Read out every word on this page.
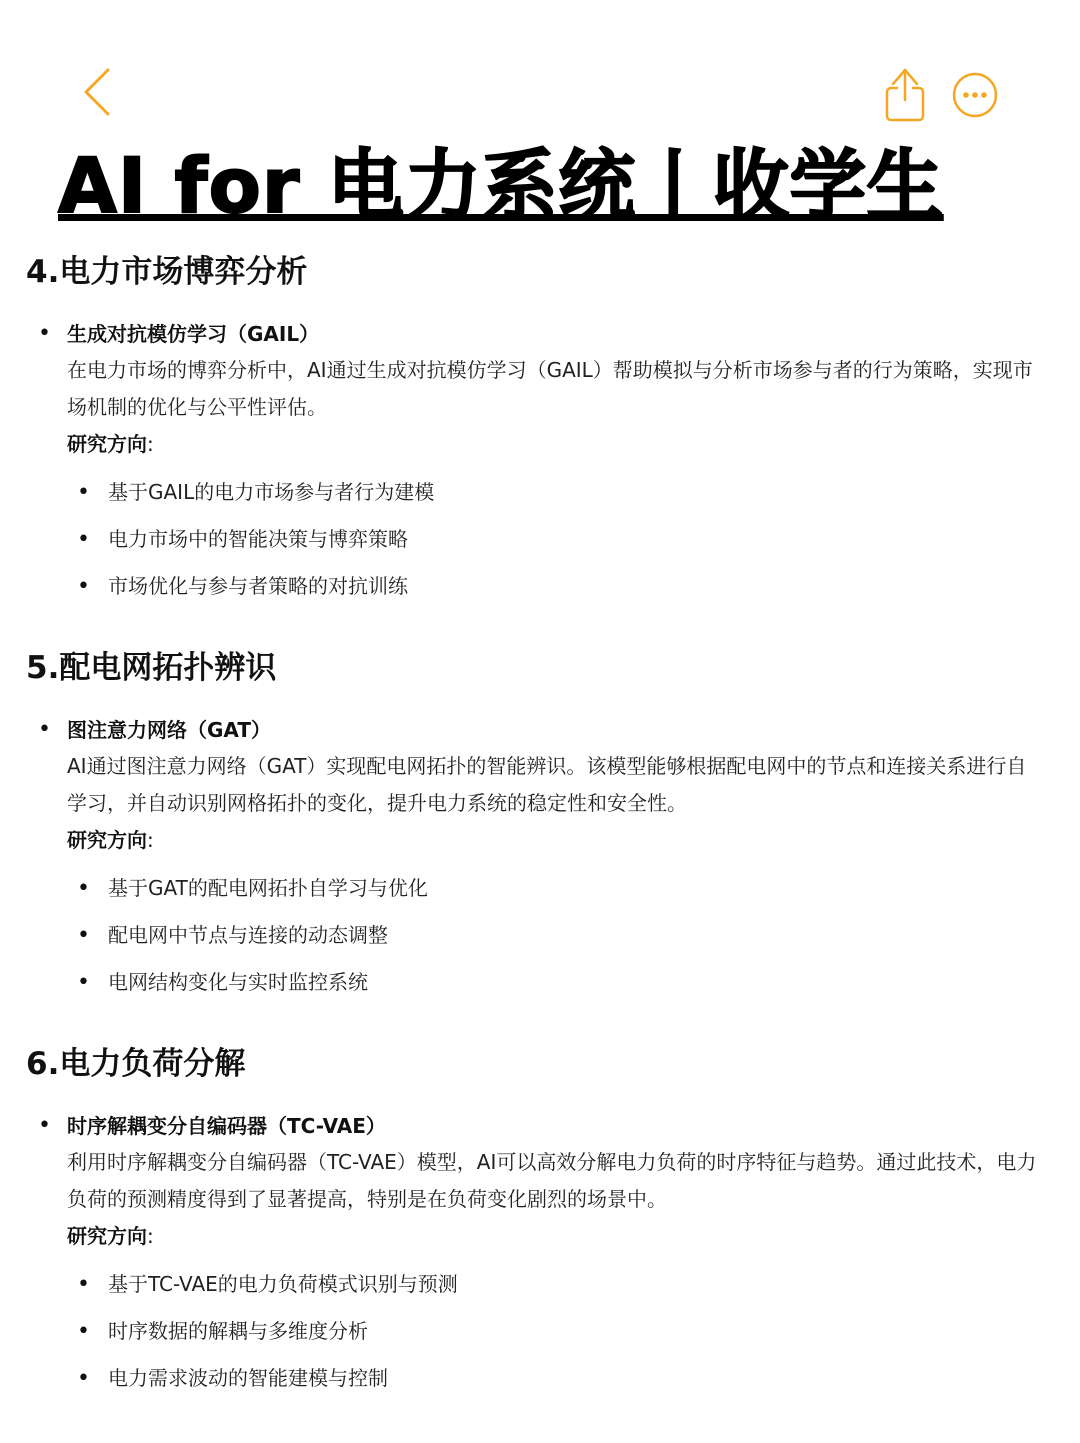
AI for 电力系统丨收学生
4.电力市场博弈分析
• 生成对抗模仿学习（GAIL）

在电力市场的博弈分析中，AI通过生成对抗模仿学习（GAIL）帮助模拟与分析市场参与者的行为策略，实现市场机制的优化与公平性评估。

研究方向:

• 基于GAIL的电力市场参与者行为建模
• 电力市场中的智能决策与博弈策略
• 市场优化与参与者策略的对抗训练
5.配电网拓扑辨识
• 图注意力网络（GAT）

AI通过图注意力网络（GAT）实现配电网拓扑的智能辨识。该模型能够根据配电网中的节点和连接关系进行自学习，并自动识别网格拓扑的变化，提升电力系统的稳定性和安全性。

研究方向:

• 基于GAT的配电网拓扑自学习与优化
• 配电网中节点与连接的动态调整
• 电网结构变化与实时监控系统
6.电力负荷分解
• 时序解耦变分自编码器（TC-VAE）

利用时序解耦变分自编码器（TC-VAE）模型，AI可以高效分解电力负荷的时序特征与趋势。通过此技术，电力负荷的预测精度得到了显著提高，特别是在负荷变化剧烈的场景中。

研究方向:

• 基于TC-VAE的电力负荷模式识别与预测
• 时序数据的解耦与多维度分析
• 电力需求波动的智能建模与控制
